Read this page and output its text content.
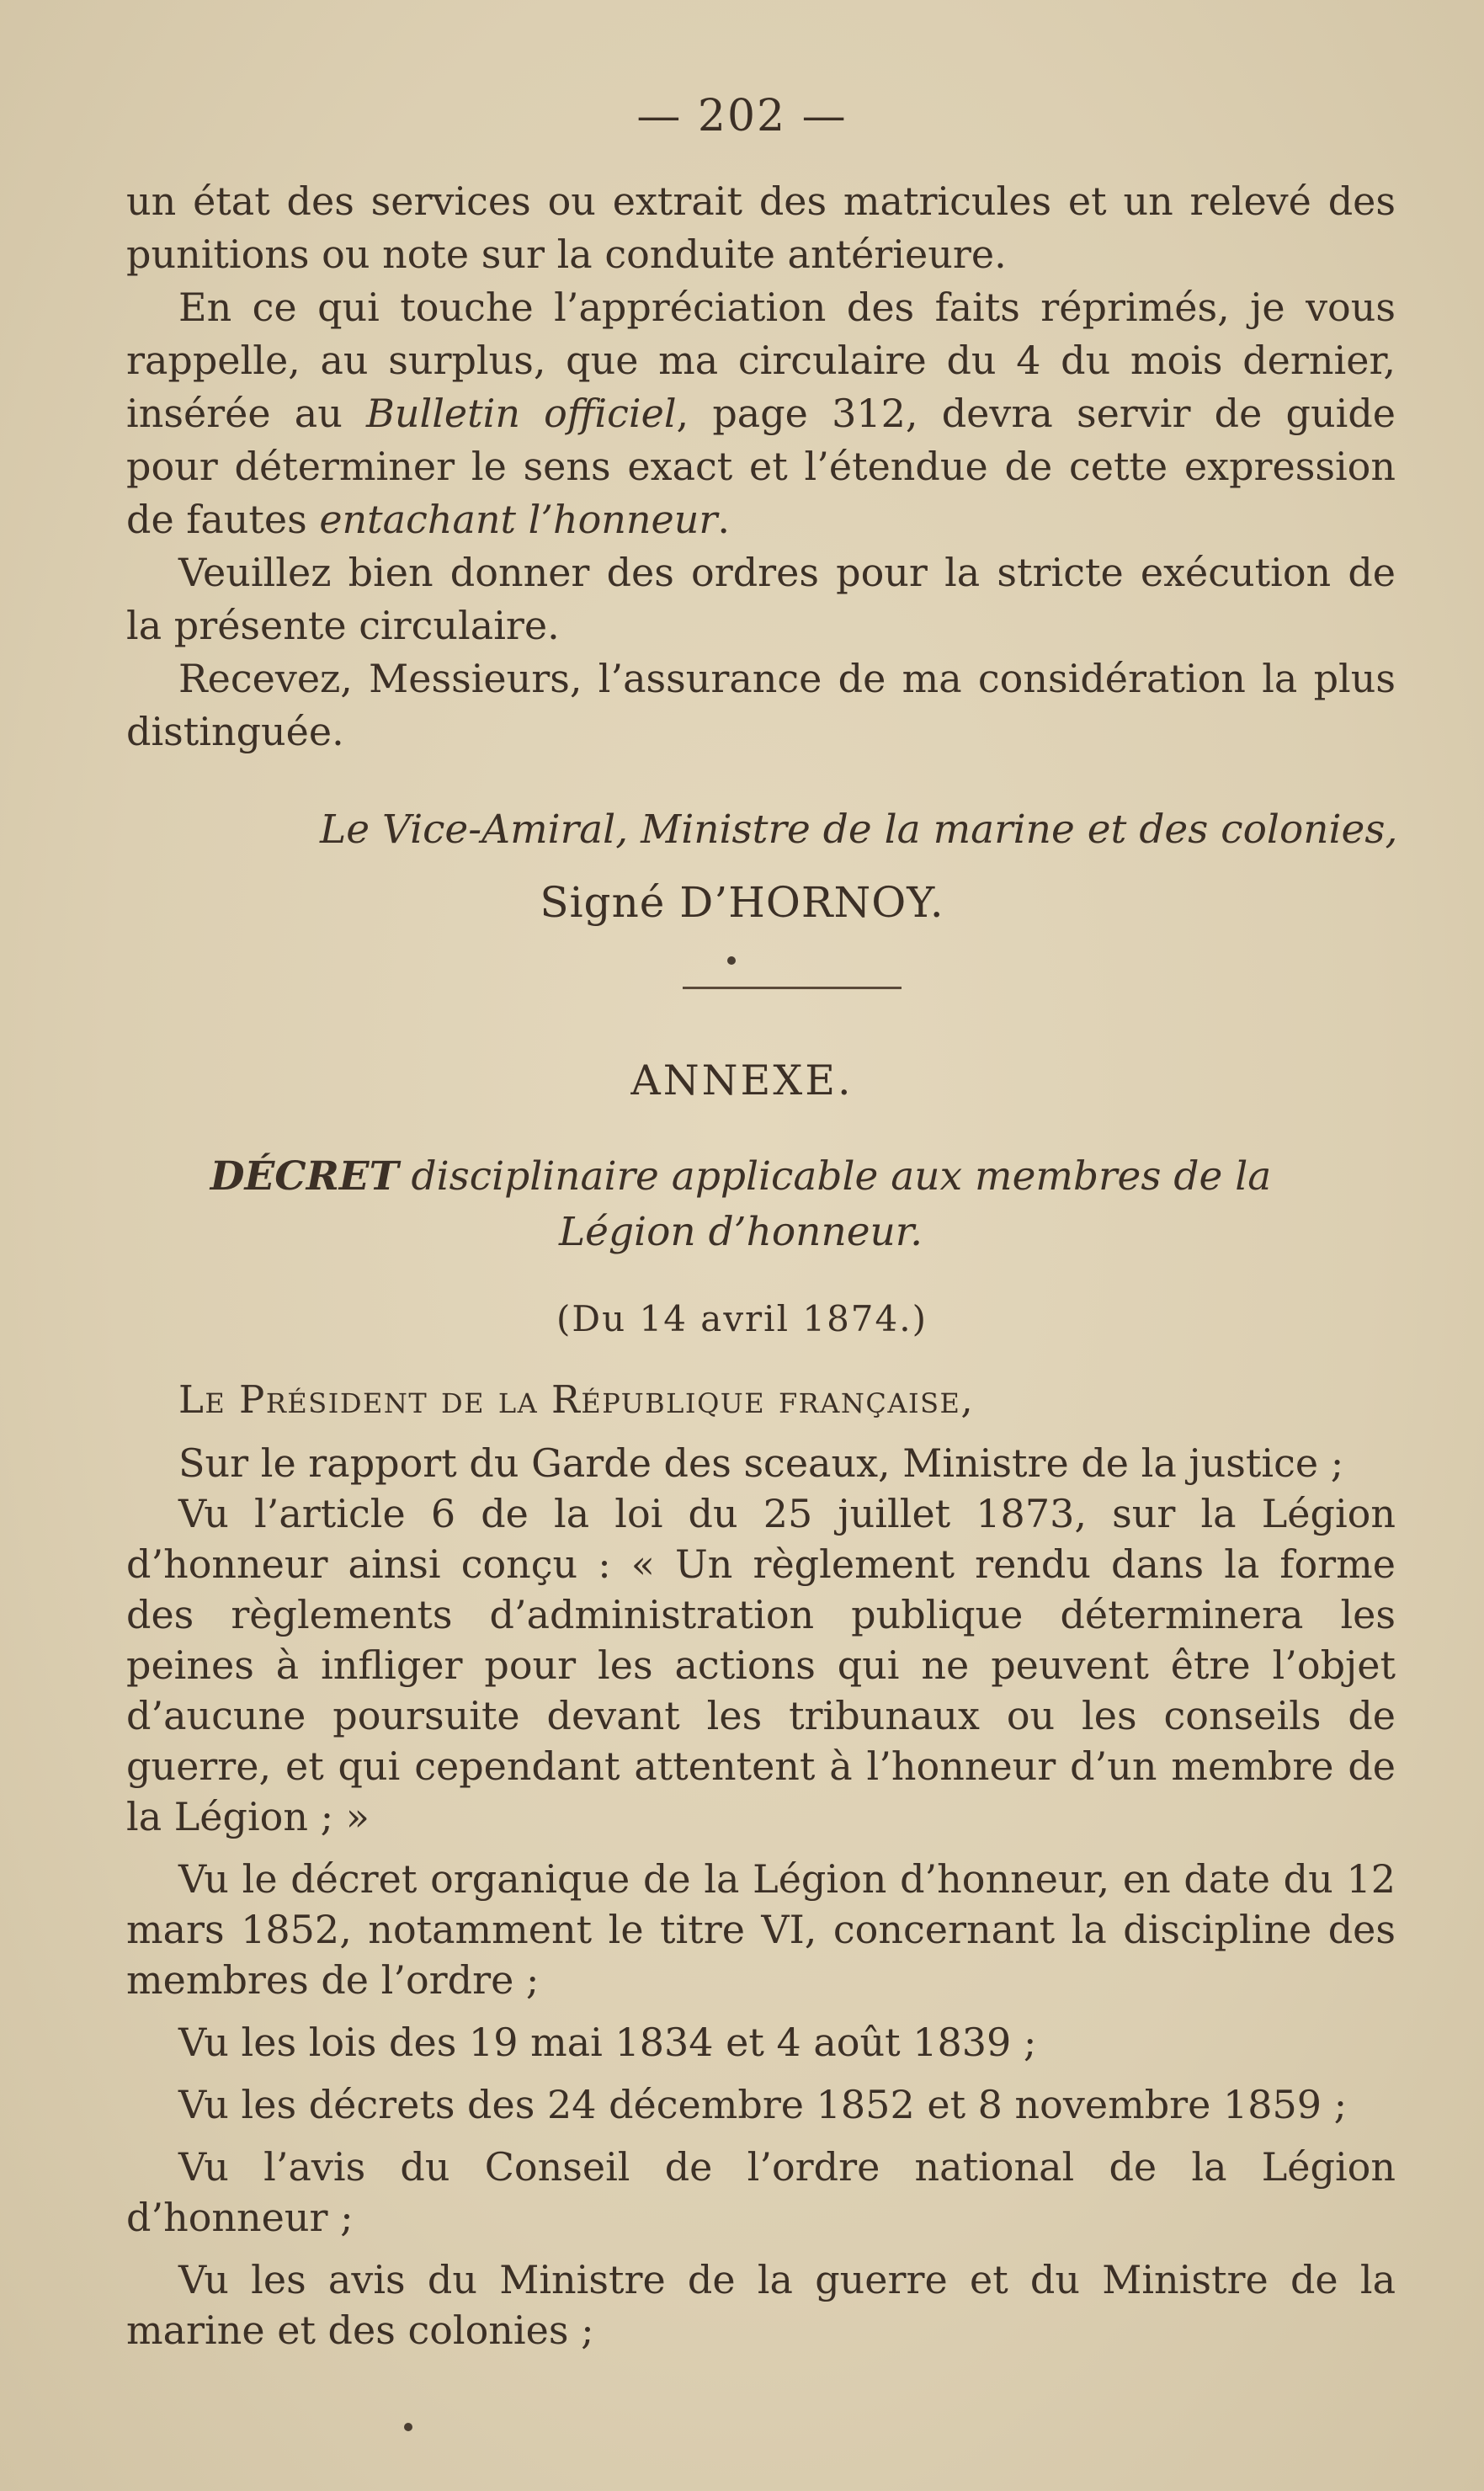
— 202 —

un état des services ou extrait des matricules et un relevé des punitions ou note sur la conduite antérieure.

En ce qui touche l’appréciation des faits réprimés, je vous rappelle, au surplus, que ma circulaire du 4 du mois dernier, insérée au Bulletin officiel, page 312, devra servir de guide pour déterminer le sens exact et l’étendue de cette expression de fautes entachant l’honneur.

Veuillez bien donner des ordres pour la stricte exécution de la présente circulaire.

Recevez, Messieurs, l’assurance de ma considération la plus distinguée.

Le Vice-Amiral, Ministre de la marine et des colonies,
Signé D’HORNOY.
ANNEXE.
DÉCRET disciplinaire applicable aux membres de la Légion d’honneur.
(Du 14 avril 1874.)
Le Président de la République française,

Sur le rapport du Garde des sceaux, Ministre de la justice ;

Vu l’article 6 de la loi du 25 juillet 1873, sur la Légion d’honneur ainsi conçu : « Un règlement rendu dans la forme des règlements d’administration publique déterminera les peines à infliger pour les actions qui ne peuvent être l’objet d’aucune poursuite devant les tribunaux ou les conseils de guerre, et qui cependant attentent à l’honneur d’un membre de la Légion ; »

Vu le décret organique de la Légion d’honneur, en date du 12 mars 1852, notamment le titre VI, concernant la discipline des membres de l’ordre ;

Vu les lois des 19 mai 1834 et 4 août 1839 ;

Vu les décrets des 24 décembre 1852 et 8 novembre 1859 ;

Vu l’avis du Conseil de l’ordre national de la Légion d’honneur ;

Vu les avis du Ministre de la guerre et du Ministre de la marine et des colonies ;
